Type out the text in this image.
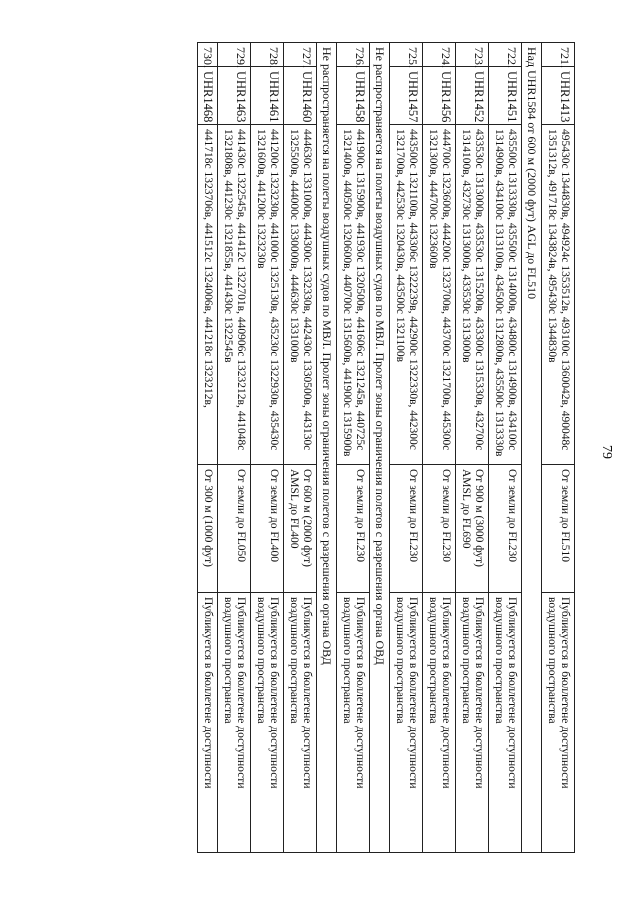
79
721.	UHR1413	495430с 1344830в, 494924с 1353512в, 493100с 1360042в, 490048с 1351312в, 491718с 1343824в, 495430с 1344830в	От земли до FL510	Публикуется в бюллетене доступности воздушного пространства
Над UHR1584 от 600 м (2000 фут) AGL до FL510				
722.	UHR1451	435500с 1313330в, 435500с 1314000в, 434800с 1314900в, 434100с 1314900в, 434100с 1313100в, 434500с 1312800в, 435500с 1313330в	От земли до FL230	Публикуется в бюллетене доступности воздушного пространства
723.	UHR1452	433530с 1313000в, 433530с 1315200в, 433300с 1315330в, 432700с 1314100в, 432730с 1313000в, 433530с 1313000в	От 900 м (3000 фут) AMSL до FL690	Публикуется в бюллетене доступности воздушного пространства
724.	UHR1456	444700с 1323600в, 444200с 1323700в, 443700с 1321700в, 445300с 1321300в, 444700с 1323600в	От земли до FL230	Публикуется в бюллетене доступности воздушного пространства
725.	UHR1457	443500с 1321100в, 443306с 1322239в, 442900с 1322330в, 442300с 1321700в, 442530с 1320430в, 443500с 1321100в	От земли до FL230	Публикуется в бюллетене доступности воздушного пространства
Не распространяется на полеты воздушных судов по МВЛ. Пролет зоны ограничения полетов с разрешения органа ОВД				
726.	UHR1458	441900с 1315900в, 441930с 1320500в, 441606с 1321245в, 440725с 1321400в, 440500с 1320600в, 440700с 1315600в, 441900с 1315900в	От земли до FL230	Публикуется в бюллетене доступности воздушного пространства
Не распространяется на полеты воздушных судов по МВЛ. Пролет зоны ограничения полетов с разрешения органа ОВД				
727.	UHR1460	444630с 1331000в, 444300с 1332330в, 442430с 1330500в, 443130с 1325500в, 444000с 1330000в, 444630с 1331000в	От 600 м (2000 фут) AMSL до FL400	Публикуется в бюллетене доступности воздушного пространства
728.	UHR1461	441200с 1323230в, 441000с 1325130в, 435230с 1322930в, 435430с 1321600в, 441200с 1323230в	От земли до FL400	Публикуется в бюллетене доступности воздушного пространства
729.	UHR1463	441430с 1322545в, 441412с 1322701в, 440906с 1323212в, 441048с 1321808в, 441230с 1321855в, 441430с 1322545в	От земли до FL050	Публикуется в бюллетене доступности воздушного пространства
730.	UHR1468	441718с 1323706в, 441512с 1324006в, 441218с 1323212в,	От 300 м (1000 фут)	Публикуется в бюллетене доступности
